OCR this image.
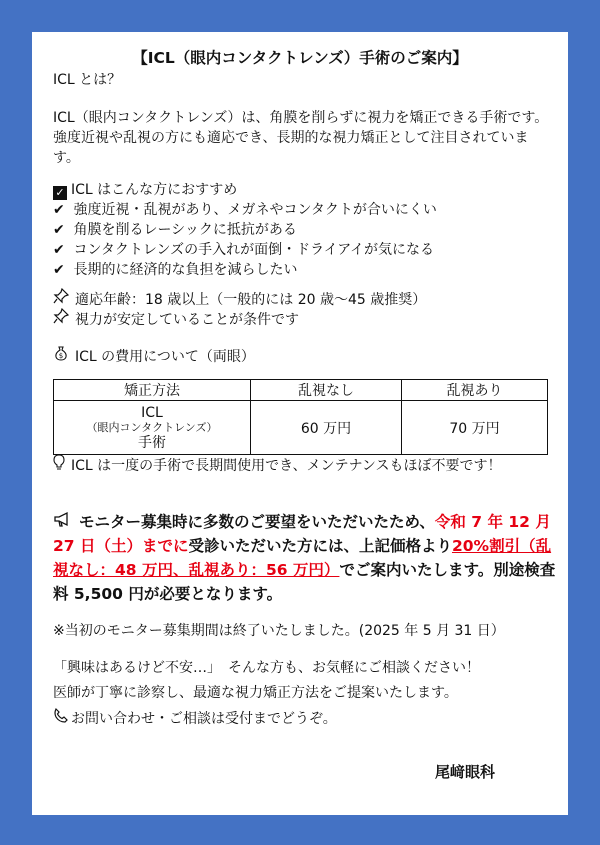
【ICL（眼内コンタクトレンズ）手術のご案内】
ICL とは？
ICL（眼内コンタクトレンズ）は、角膜を削らずに視力を矯正できる手術です。強度近視や乱視の方にも適応でき、長期的な視力矯正として注目されています。
✓ ICL はこんな方におすすめ
✔ 強度近視・乱視があり、メガネやコンタクトが合いにくい
✔ 角膜を削るレーシックに抵抗がある
✔ コンタクトレンズの手入れが面倒・ドライアイが気になる
✔ 長期的に経済的な負担を減らしたい
適応年齢：18 歳以上（一般的には 20 歳～45 歳推奨）
視力が安定していることが条件です
$ ICL の費用について（両眼）
矯正方法	乱視なし	乱視あり

ICL
（眼内コンタクトレンズ）
手術	60 万円	70 万円
ICL は一度の手術で長期間使用でき、メンテナンスもほぼ不要です！
モニター募集時に多数のご要望をいただいたため、令和 7 年 12 月 27 日（土）までに受診いただいた方には、上記価格より20%割引（乱視なし：48 万円、乱視あり：56 万円）でご案内いたします。別途検査料 5,500 円が必要となります。
※当初のモニター募集期間は終了いたしました。(2025 年 5 月 31 日）
「興味はあるけど不安…」　そんな方も、お気軽にご相談ください！
医師が丁寧に診察し、最適な視力矯正方法をご提案いたします。
お問い合わせ・ご相談は受付までどうぞ。
尾﨑眼科
